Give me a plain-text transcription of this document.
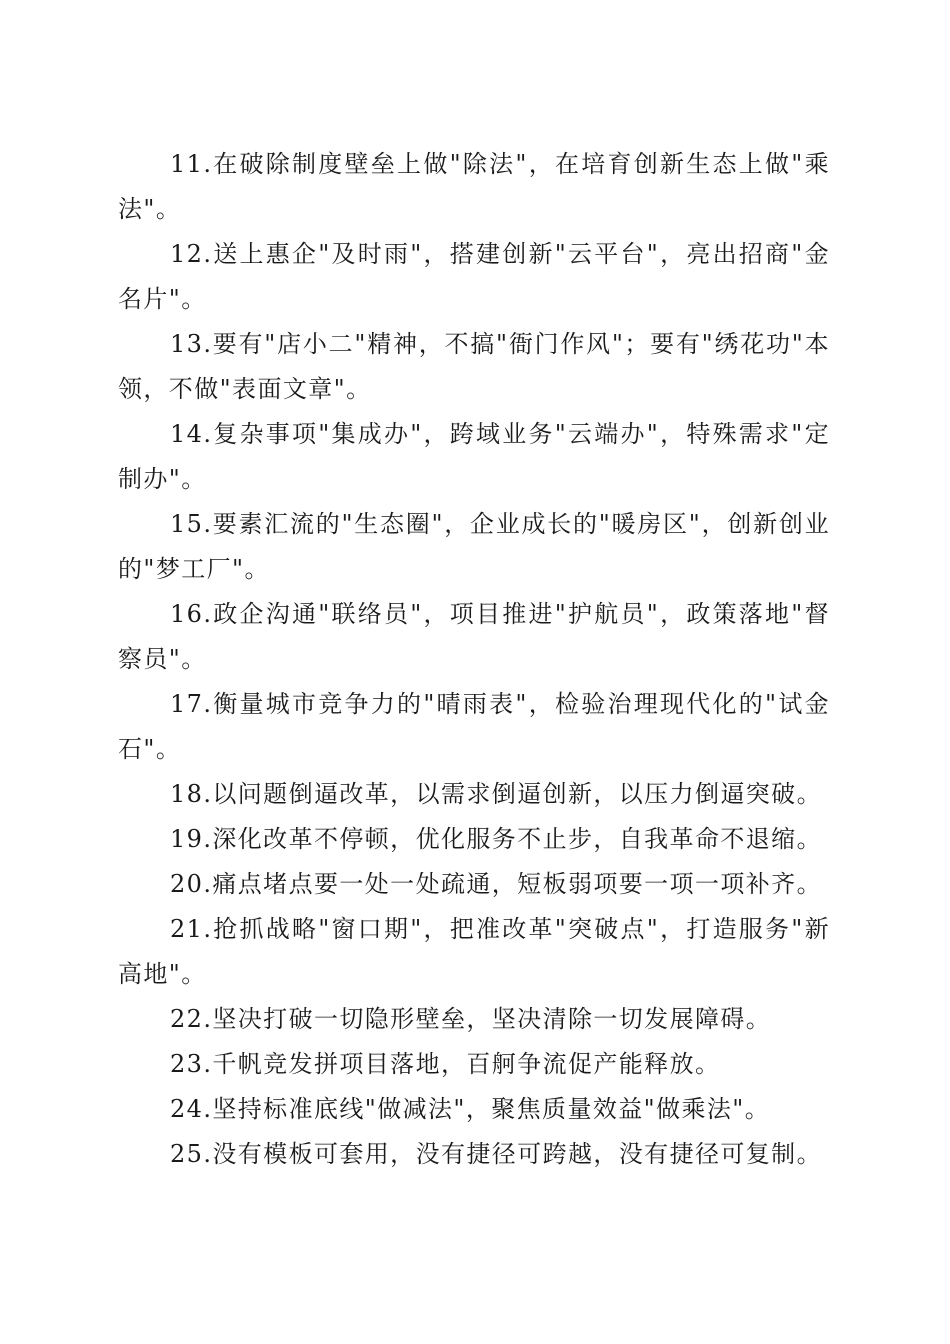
11.在破除制度壁垒上做"除法"，在培育创新生态上做"乘法"。

12.送上惠企"及时雨"，搭建创新"云平台"，亮出招商"金名片"。

13.要有"店小二"精神，不搞"衙门作风"；要有"绣花功"本领，不做"表面文章"。

14.复杂事项"集成办"，跨域业务"云端办"，特殊需求"定制办"。

15.要素汇流的"生态圈"，企业成长的"暖房区"，创新创业的"梦工厂"。

16.政企沟通"联络员"，项目推进"护航员"，政策落地"督察员"。

17.衡量城市竞争力的"晴雨表"，检验治理现代化的"试金石"。

18.以问题倒逼改革，以需求倒逼创新，以压力倒逼突破。

19.深化改革不停顿，优化服务不止步，自我革命不退缩。

20.痛点堵点要一处一处疏通，短板弱项要一项一项补齐。

21.抢抓战略"窗口期"，把准改革"突破点"，打造服务"新高地"。

22.坚决打破一切隐形壁垒，坚决清除一切发展障碍。

23.千帆竞发拼项目落地，百舸争流促产能释放。

24.坚持标准底线"做减法"，聚焦质量效益"做乘法"。

25.没有模板可套用，没有捷径可跨越，没有捷径可复制。
